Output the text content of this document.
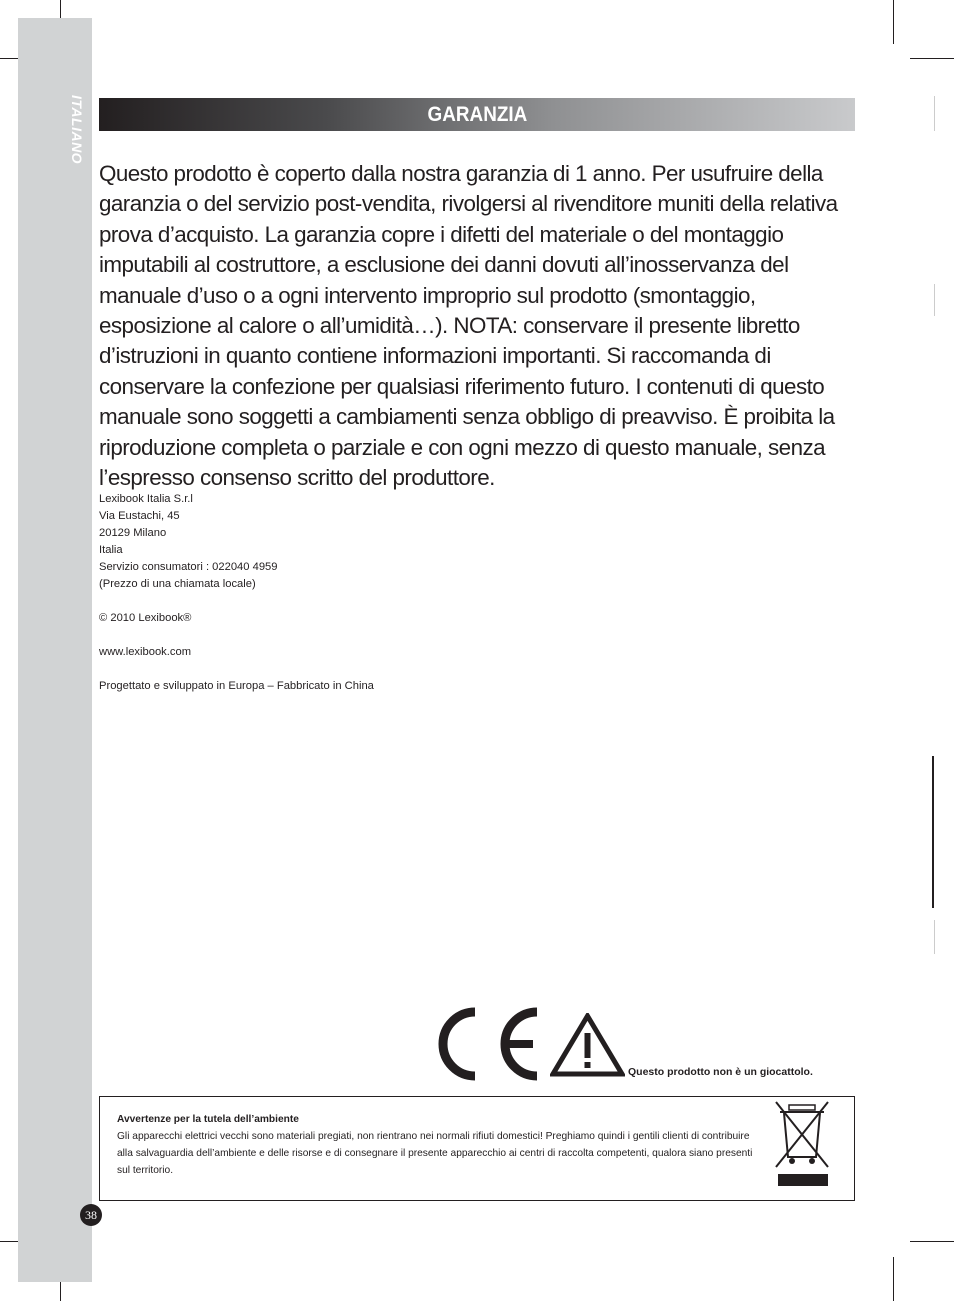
ITALIANO	GARANZIA

Questo prodotto è coperto dalla nostra garanzia di 1 anno. Per usufruire della garanzia o del servizio post-vendita, rivolgersi al rivenditore muniti della relativa prova d’acquisto. La garanzia copre i difetti del materiale o del montaggio imputabili al costruttore, a esclusione dei danni dovuti all’inosservanza del manuale d’uso o a ogni intervento improprio sul prodotto (smontaggio, esposizione al calore o all’umidità…). NOTA: conservare il presente libretto d’istruzioni in quanto contiene informazioni importanti. Si raccomanda di conservare la confezione per qualsiasi riferimento futuro. I contenuti di questo manuale sono soggetti a cambiamenti senza obbligo di preavviso. È proibita la riproduzione completa o parziale e con ogni mezzo di questo manuale, senza l’espresso consenso scritto del produttore.

Lexibook Italia S.r.l
Via Eustachi, 45
20129 Milano
Italia
Servizio consumatori : 022040 4959
(Prezzo di una chiamata locale)
© 2010 Lexibook®
www.lexibook.com
Progettato e sviluppato in Europa – Fabbricato in China
Questo prodotto non è un giocattolo.
Avvertenze per la tutela dell’ambiente
Gli apparecchi elettrici vecchi sono materiali pregiati, non rientrano nei normali rifiuti domestici! Preghiamo quindi i gentili clienti di contribuire alla salvaguardia dell’ambiente e delle risorse e di consegnare il presente apparecchio ai centri di raccolta competenti, qualora siano presenti sul territorio.
38
